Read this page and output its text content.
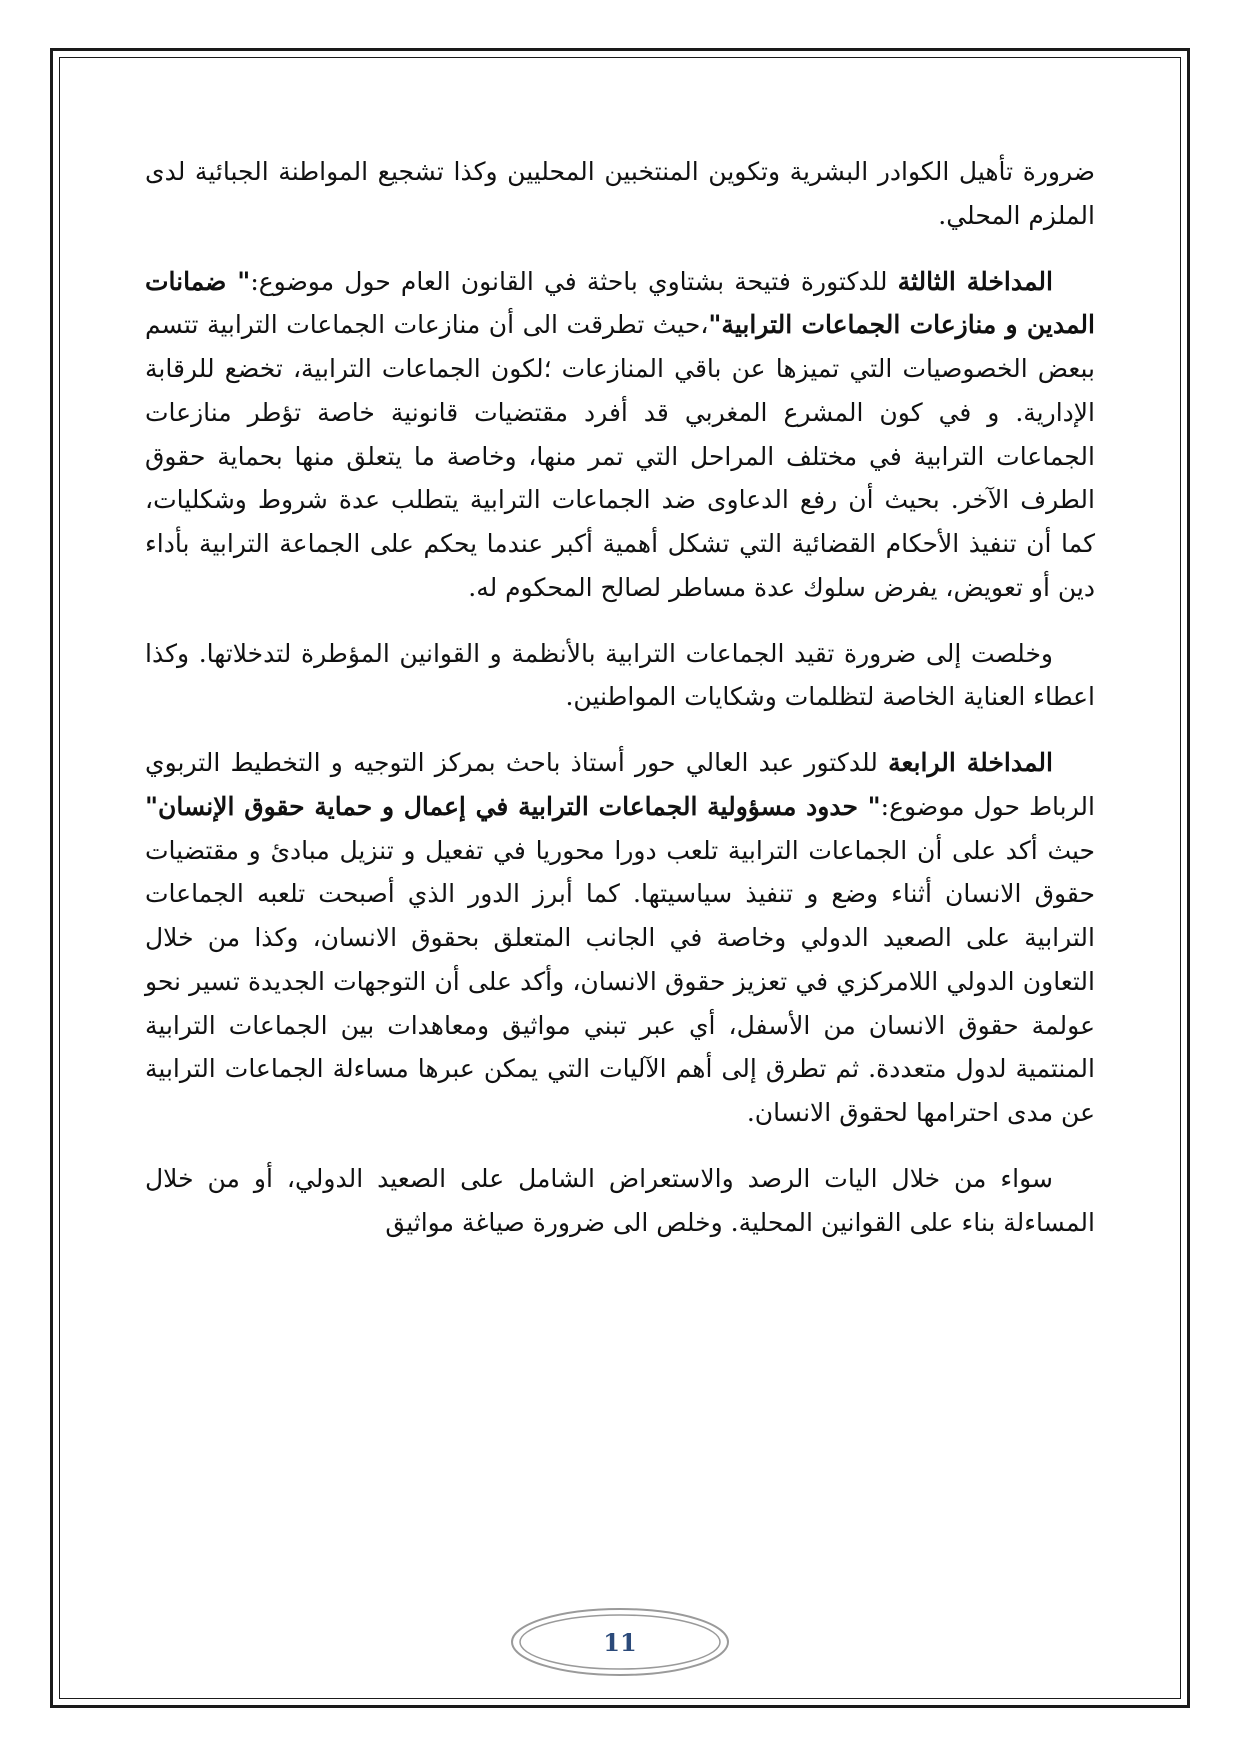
ضرورة تأهيل الكوادر البشرية وتكوين المنتخبين المحليين وكذا تشجيع المواطنة الجبائية لدى الملزم المحلي.

المداخلة الثالثة للدكتورة فتيحة بشتاوي باحثة في القانون العام حول موضوع:" ضمانات المدين و منازعات الجماعات الترابية"،حيث تطرقت الى أن منازعات الجماعات الترابية تتسم ببعض الخصوصيات التي تميزها عن باقي المنازعات ؛لكون الجماعات الترابية، تخضع للرقابة الإدارية. و في كون المشرع المغربي قد أفرد مقتضيات قانونية خاصة تؤطر منازعات الجماعات الترابية في مختلف المراحل التي تمر منها، وخاصة ما يتعلق منها بحماية حقوق الطرف الآخر. بحيث أن رفع الدعاوى ضد الجماعات الترابية يتطلب عدة شروط وشكليات، كما أن تنفيذ الأحكام القضائية التي تشكل أهمية أكبر عندما يحكم على الجماعة الترابية بأداء دين أو تعويض، يفرض سلوك عدة مساطر لصالح المحكوم له.

وخلصت إلى ضرورة تقيد الجماعات الترابية بالأنظمة و القوانين المؤطرة لتدخلاتها. وكذا اعطاء العناية الخاصة لتظلمات وشكايات المواطنين.

المداخلة الرابعة للدكتور عبد العالي حور أستاذ باحث بمركز التوجيه و التخطيط التربوي الرباط حول موضوع:" حدود مسؤولية الجماعات الترابية في إعمال و حماية حقوق الإنسان" حيث أكد على أن الجماعات الترابية تلعب دورا محوريا في تفعيل و تنزيل مبادئ و مقتضيات حقوق الانسان أثناء وضع و تنفيذ سياسيتها. كما أبرز الدور الذي أصبحت تلعبه الجماعات الترابية على الصعيد الدولي وخاصة في الجانب المتعلق بحقوق الانسان، وكذا من خلال التعاون الدولي اللامركزي في تعزيز حقوق الانسان، وأكد على أن التوجهات الجديدة تسير نحو عولمة حقوق الانسان من الأسفل، أي عبر تبني مواثيق ومعاهدات بين الجماعات الترابية المنتمية لدول متعددة. ثم تطرق إلى أهم الآليات التي يمكن عبرها مساءلة الجماعات الترابية عن مدى احترامها لحقوق الانسان.

سواء من خلال اليات الرصد والاستعراض الشامل على الصعيد الدولي، أو من خلال المساءلة بناء على القوانين المحلية. وخلص الى ضرورة صياغة مواثيق

11
